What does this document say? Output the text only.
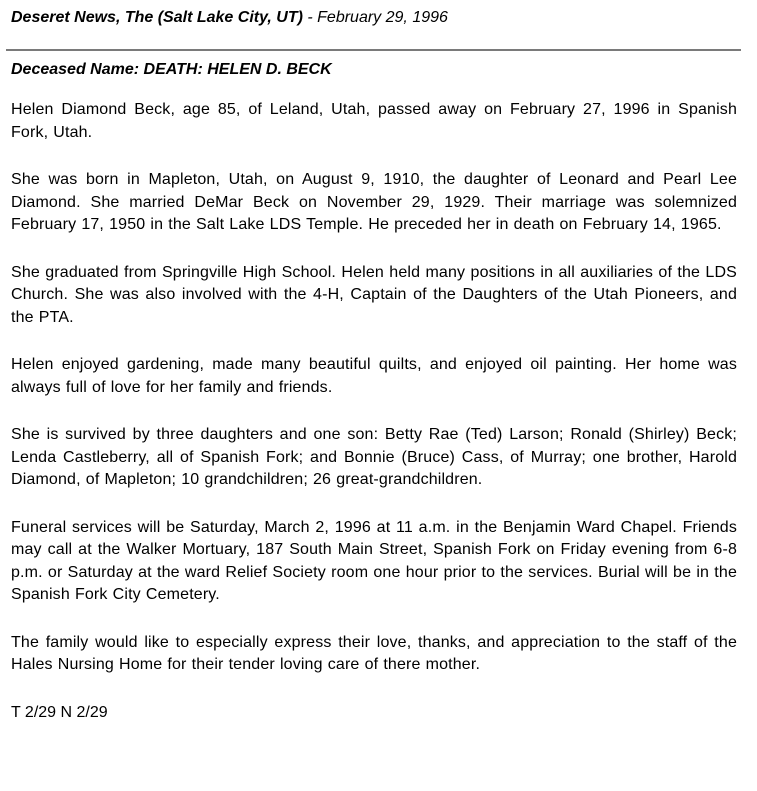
Deseret News, The (Salt Lake City, UT) - February 29, 1996
Deceased Name: DEATH: HELEN D. BECK

Helen Diamond Beck, age 85, of Leland, Utah, passed away on February 27, 1996 in Spanish Fork, Utah.

She was born in Mapleton, Utah, on August 9, 1910, the daughter of Leonard and Pearl Lee Diamond. She married DeMar Beck on November 29, 1929. Their marriage was solemnized February 17, 1950 in the Salt Lake LDS Temple. He preceded her in death on February 14, 1965.

She graduated from Springville High School. Helen held many positions in all auxiliaries of the LDS Church. She was also involved with the 4-H, Captain of the Daughters of the Utah Pioneers, and the PTA.

Helen enjoyed gardening, made many beautiful quilts, and enjoyed oil painting. Her home was always full of love for her family and friends.

She is survived by three daughters and one son: Betty Rae (Ted) Larson; Ronald (Shirley) Beck; Lenda Castleberry, all of Spanish Fork; and Bonnie (Bruce) Cass, of Murray; one brother, Harold Diamond, of Mapleton; 10 grandchildren; 26 great-grandchildren.

Funeral services will be Saturday, March 2, 1996 at 11 a.m. in the Benjamin Ward Chapel. Friends may call at the Walker Mortuary, 187 South Main Street, Spanish Fork on Friday evening from 6-8 p.m. or Saturday at the ward Relief Society room one hour prior to the services. Burial will be in the Spanish Fork City Cemetery.

The family would like to especially express their love, thanks, and appreciation to the staff of the Hales Nursing Home for their tender loving care of there mother.

T 2/29 N 2/29
